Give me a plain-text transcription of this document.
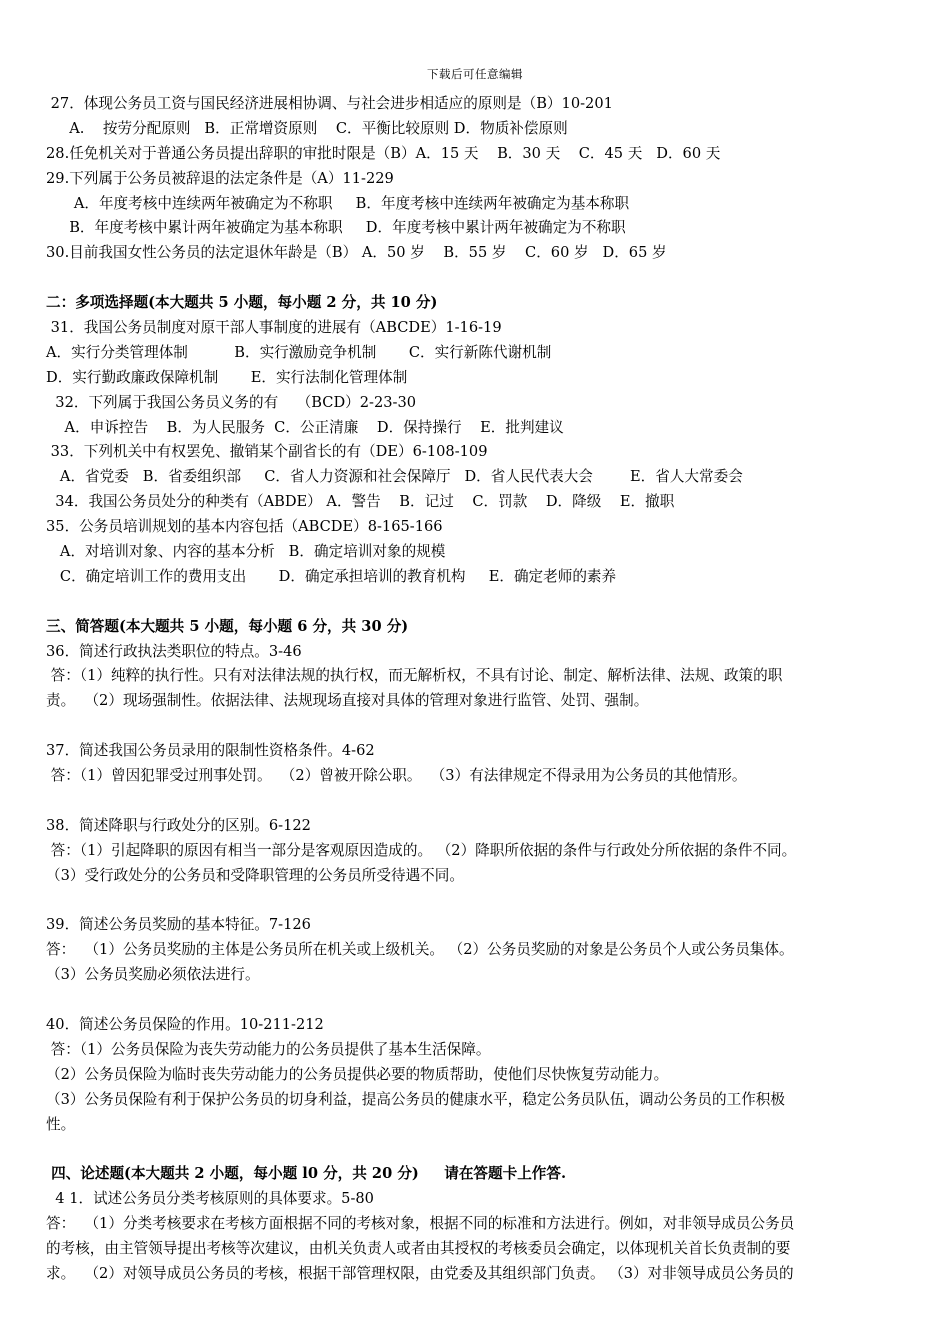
下载后可任意编辑
27．体现公务员工资与国民经济进展相协调、与社会进步相适应的原则是（B）10-201
A.    按劳分配原则   B．正常增资原则    C．平衡比较原则 D．物质补偿原则
28.任免机关对于普通公务员提出辞职的审批时限是（B）A．15 天    B．30 天    C．45 天   D．60 天
29.下列属于公务员被辞退的法定条件是（A）11-229
A．年度考核中连续两年被确定为不称职     B．年度考核中连续两年被确定为基本称职
B．年度考核中累计两年被确定为基本称职     D．年度考核中累计两年被确定为不称职
30.目前我国女性公务员的法定退休年龄是（B） A．50 岁    B．55 岁    C．60 岁   D．65 岁
二：多项选择题(本大题共 5 小题，每小题 2 分，共 10 分)
31．我国公务员制度对原干部人事制度的进展有（ABCDE）1-16-19
A．实行分类管理体制          B．实行激励竞争机制       C．实行新陈代谢机制
D．实行勤政廉政保障机制       E．实行法制化管理体制
32．下列属于我国公务员义务的有    （BCD）2-23-30
A．申诉控告    B．为人民服务  C．公正清廉    D．保持操行    E．批判建议
33．下列机关中有权罢免、撤销某个副省长的有（DE）6-108-109
A．省党委   B．省委组织部     C．省人力资源和社会保障厅   D．省人民代表大会        E．省人大常委会
34．我国公务员处分的种类有（ABDE） A．警告    B．记过    C．罚款    D．降级    E．撤职
35．公务员培训规划的基本内容包括（ABCDE）8-165-166
A．对培训对象、内容的基本分析   B．确定培训对象的规模
C．确定培训工作的费用支出       D．确定承担培训的教育机构     E．确定老师的素养
三、简答题(本大题共 5 小题，每小题 6 分，共 30 分)
36．简述行政执法类职位的特点。3-46
答：（1）纯粹的执行性。只有对法律法规的执行权，而无解析权，不具有讨论、制定、解析法律、法规、政策的职
责。  （2）现场强制性。依据法律、法规现场直接对具体的管理对象进行监管、处罚、强制。
37．简述我国公务员录用的限制性资格条件。4-62
答：（1）曾因犯罪受过刑事处罚。  （2）曾被开除公职。  （3）有法律规定不得录用为公务员的其他情形。
38．简述降职与行政处分的区别。6-122
答：（1）引起降职的原因有相当一部分是客观原因造成的。 （2）降职所依据的条件与行政处分所依据的条件不同。
（3）受行政处分的公务员和受降职管理的公务员所受待遇不同。
39．简述公务员奖励的基本特征。7-126
答：  （1）公务员奖励的主体是公务员所在机关或上级机关。 （2）公务员奖励的对象是公务员个人或公务员集体。
（3）公务员奖励必须依法进行。
40．简述公务员保险的作用。10-211-212
答：（1）公务员保险为丧失劳动能力的公务员提供了基本生活保障。
（2）公务员保险为临时丧失劳动能力的公务员提供必要的物质帮助，使他们尽快恢复劳动能力。
（3）公务员保险有利于保护公务员的切身利益，提高公务员的健康水平，稳定公务员队伍，调动公务员的工作积极
性。
四、论述题(本大题共 2 小题，每小题 l0 分，共 20 分)     请在答题卡上作答.
4 1．试述公务员分类考核原则的具体要求。5-80
答：  （1）分类考核要求在考核方面根据不同的考核对象，根据不同的标准和方法进行。例如，对非领导成员公务员
的考核，由主管领导提出考核等次建议，由机关负责人或者由其授权的考核委员会确定，以体现机关首长负责制的要
求。  （2）对领导成员公务员的考核，根据干部管理权限，由党委及其组织部门负责。 （3）对非领导成员公务员的
